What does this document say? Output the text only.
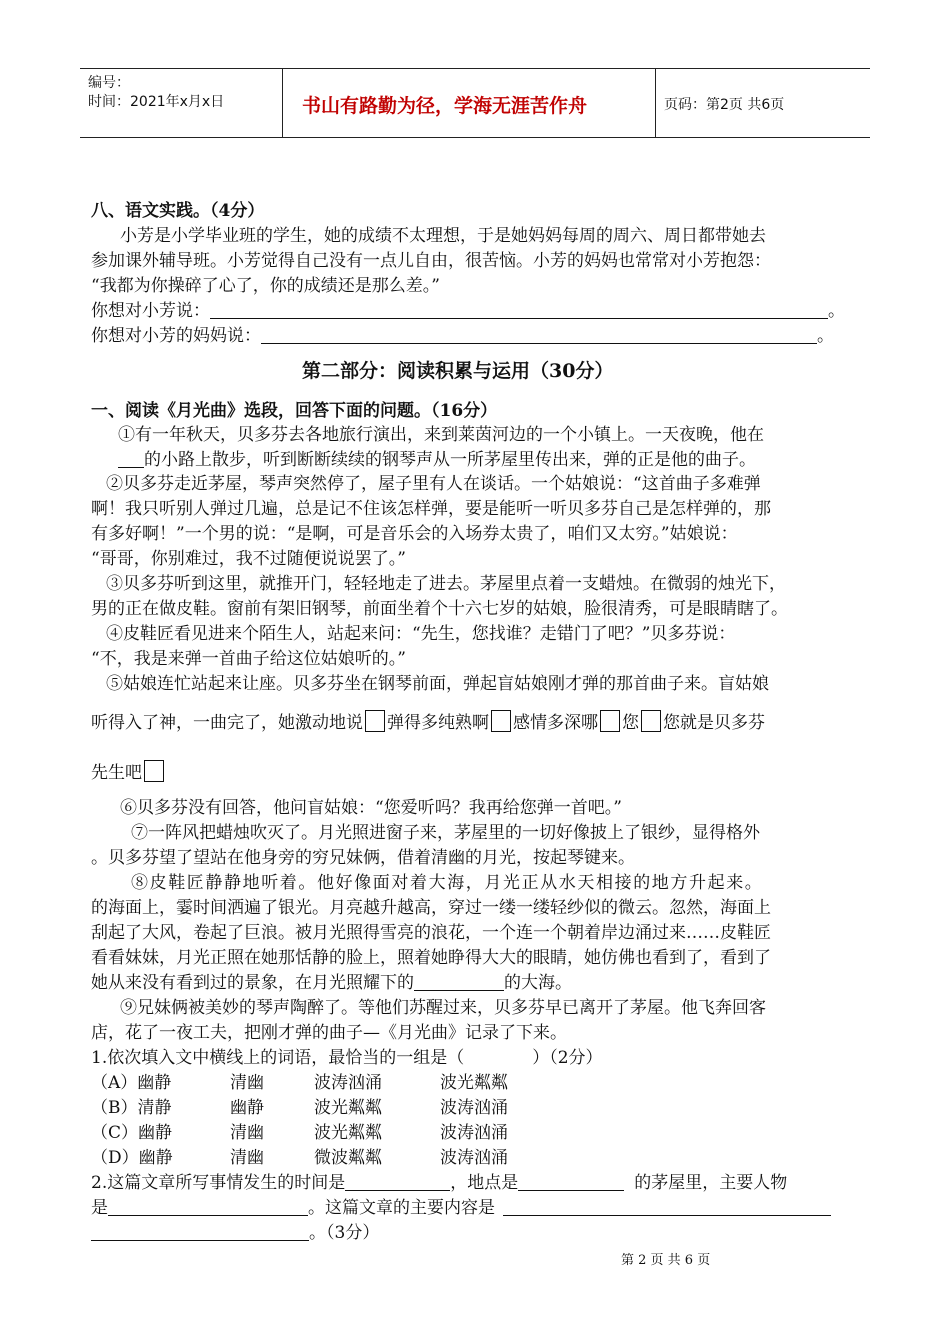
编号：
时间：2021年x月x日	书山有路勤为径，学海无涯苦作舟	页码：第2页 共6页
八、语文实践。（4分）
小芳是小学毕业班的学生，她的成绩不太理想，于是她妈妈每周的周六、周日都带她去
参加课外辅导班。小芳觉得自己没有一点儿自由，很苦恼。小芳的妈妈也常常对小芳抱怨：
“我都为你操碎了心了，你的成绩还是那么差。”
你想对小芳说：	。
你想对小芳的妈妈说：	。
第二部分：阅读积累与运用（30分）
一、阅读《月光曲》选段，回答下面的问题。（16分）
①有一年秋天，贝多芬去各地旅行演出，来到莱茵河边的一个小镇上。一天夜晚，他在
的小路上散步，听到断断续续的钢琴声从一所茅屋里传出来，弹的正是他的曲子。
②贝多芬走近茅屋，琴声突然停了，屋子里有人在谈话。一个姑娘说：“这首曲子多难弹
啊！我只听别人弹过几遍，总是记不住该怎样弹，要是能听一听贝多芬自己是怎样弹的，那
有多好啊！”一个男的说：“是啊，可是音乐会的入场券太贵了，咱们又太穷。”姑娘说：
“哥哥，你别难过，我不过随便说说罢了。”
③贝多芬听到这里，就推开门，轻轻地走了进去。茅屋里点着一支蜡烛。在微弱的烛光下，
男的正在做皮鞋。窗前有架旧钢琴，前面坐着个十六七岁的姑娘，脸很清秀，可是眼睛瞎了。
④皮鞋匠看见进来个陌生人，站起来问：“先生，您找谁？走错门了吧？”贝多芬说：
“不，我是来弹一首曲子给这位姑娘听的。”
⑤姑娘连忙站起来让座。贝多芬坐在钢琴前面，弹起盲姑娘刚才弹的那首曲子来。盲姑娘
听得入了神，一曲完了，她激动地说 弹得多纯熟啊 感情多深哪 您 您就是贝多芬
先生吧
⑥贝多芬没有回答，他问盲姑娘：“您爱听吗？我再给您弹一首吧。”
⑦一阵风把蜡烛吹灭了。月光照进窗子来，茅屋里的一切好像披上了银纱，显得格外
。贝多芬望了望站在他身旁的穷兄妹俩，借着清幽的月光，按起琴键来。
⑧皮鞋匠静静地听着。他好像面对着大海，月光正从水天相接的地方升起来。
的海面上，霎时间洒遍了银光。月亮越升越高，穿过一缕一缕轻纱似的微云。忽然，海面上
刮起了大风，卷起了巨浪。被月光照得雪亮的浪花，一个连一个朝着岸边涌过来……皮鞋匠
看看妹妹，月光正照在她那恬静的脸上，照着她睁得大大的眼睛，她仿佛也看到了，看到了
她从来没有看到过的景象，在月光照耀下的	的大海。
⑨兄妹俩被美妙的琴声陶醉了。等他们苏醒过来，贝多芬早已离开了茅屋。他飞奔回客
店，花了一夜工夫，把刚才弹的曲子—《月光曲》记录了下来。
1.依次填入文中横线上的词语，最恰当的一组是（	）（2分）
（A）幽静	清幽	波涛汹涌	波光粼粼
（B）清静	幽静	波光粼粼	波涛汹涌
（C）幽静	清幽	波光粼粼	波涛汹涌
（D）幽静	清幽	微波粼粼	波涛汹涌
2.这篇文章所写事情发生的时间是	，地点是	的茅屋里，主要人物
是	。这篇文章的主要内容是
。（3分）
第 2 页 共 6 页
